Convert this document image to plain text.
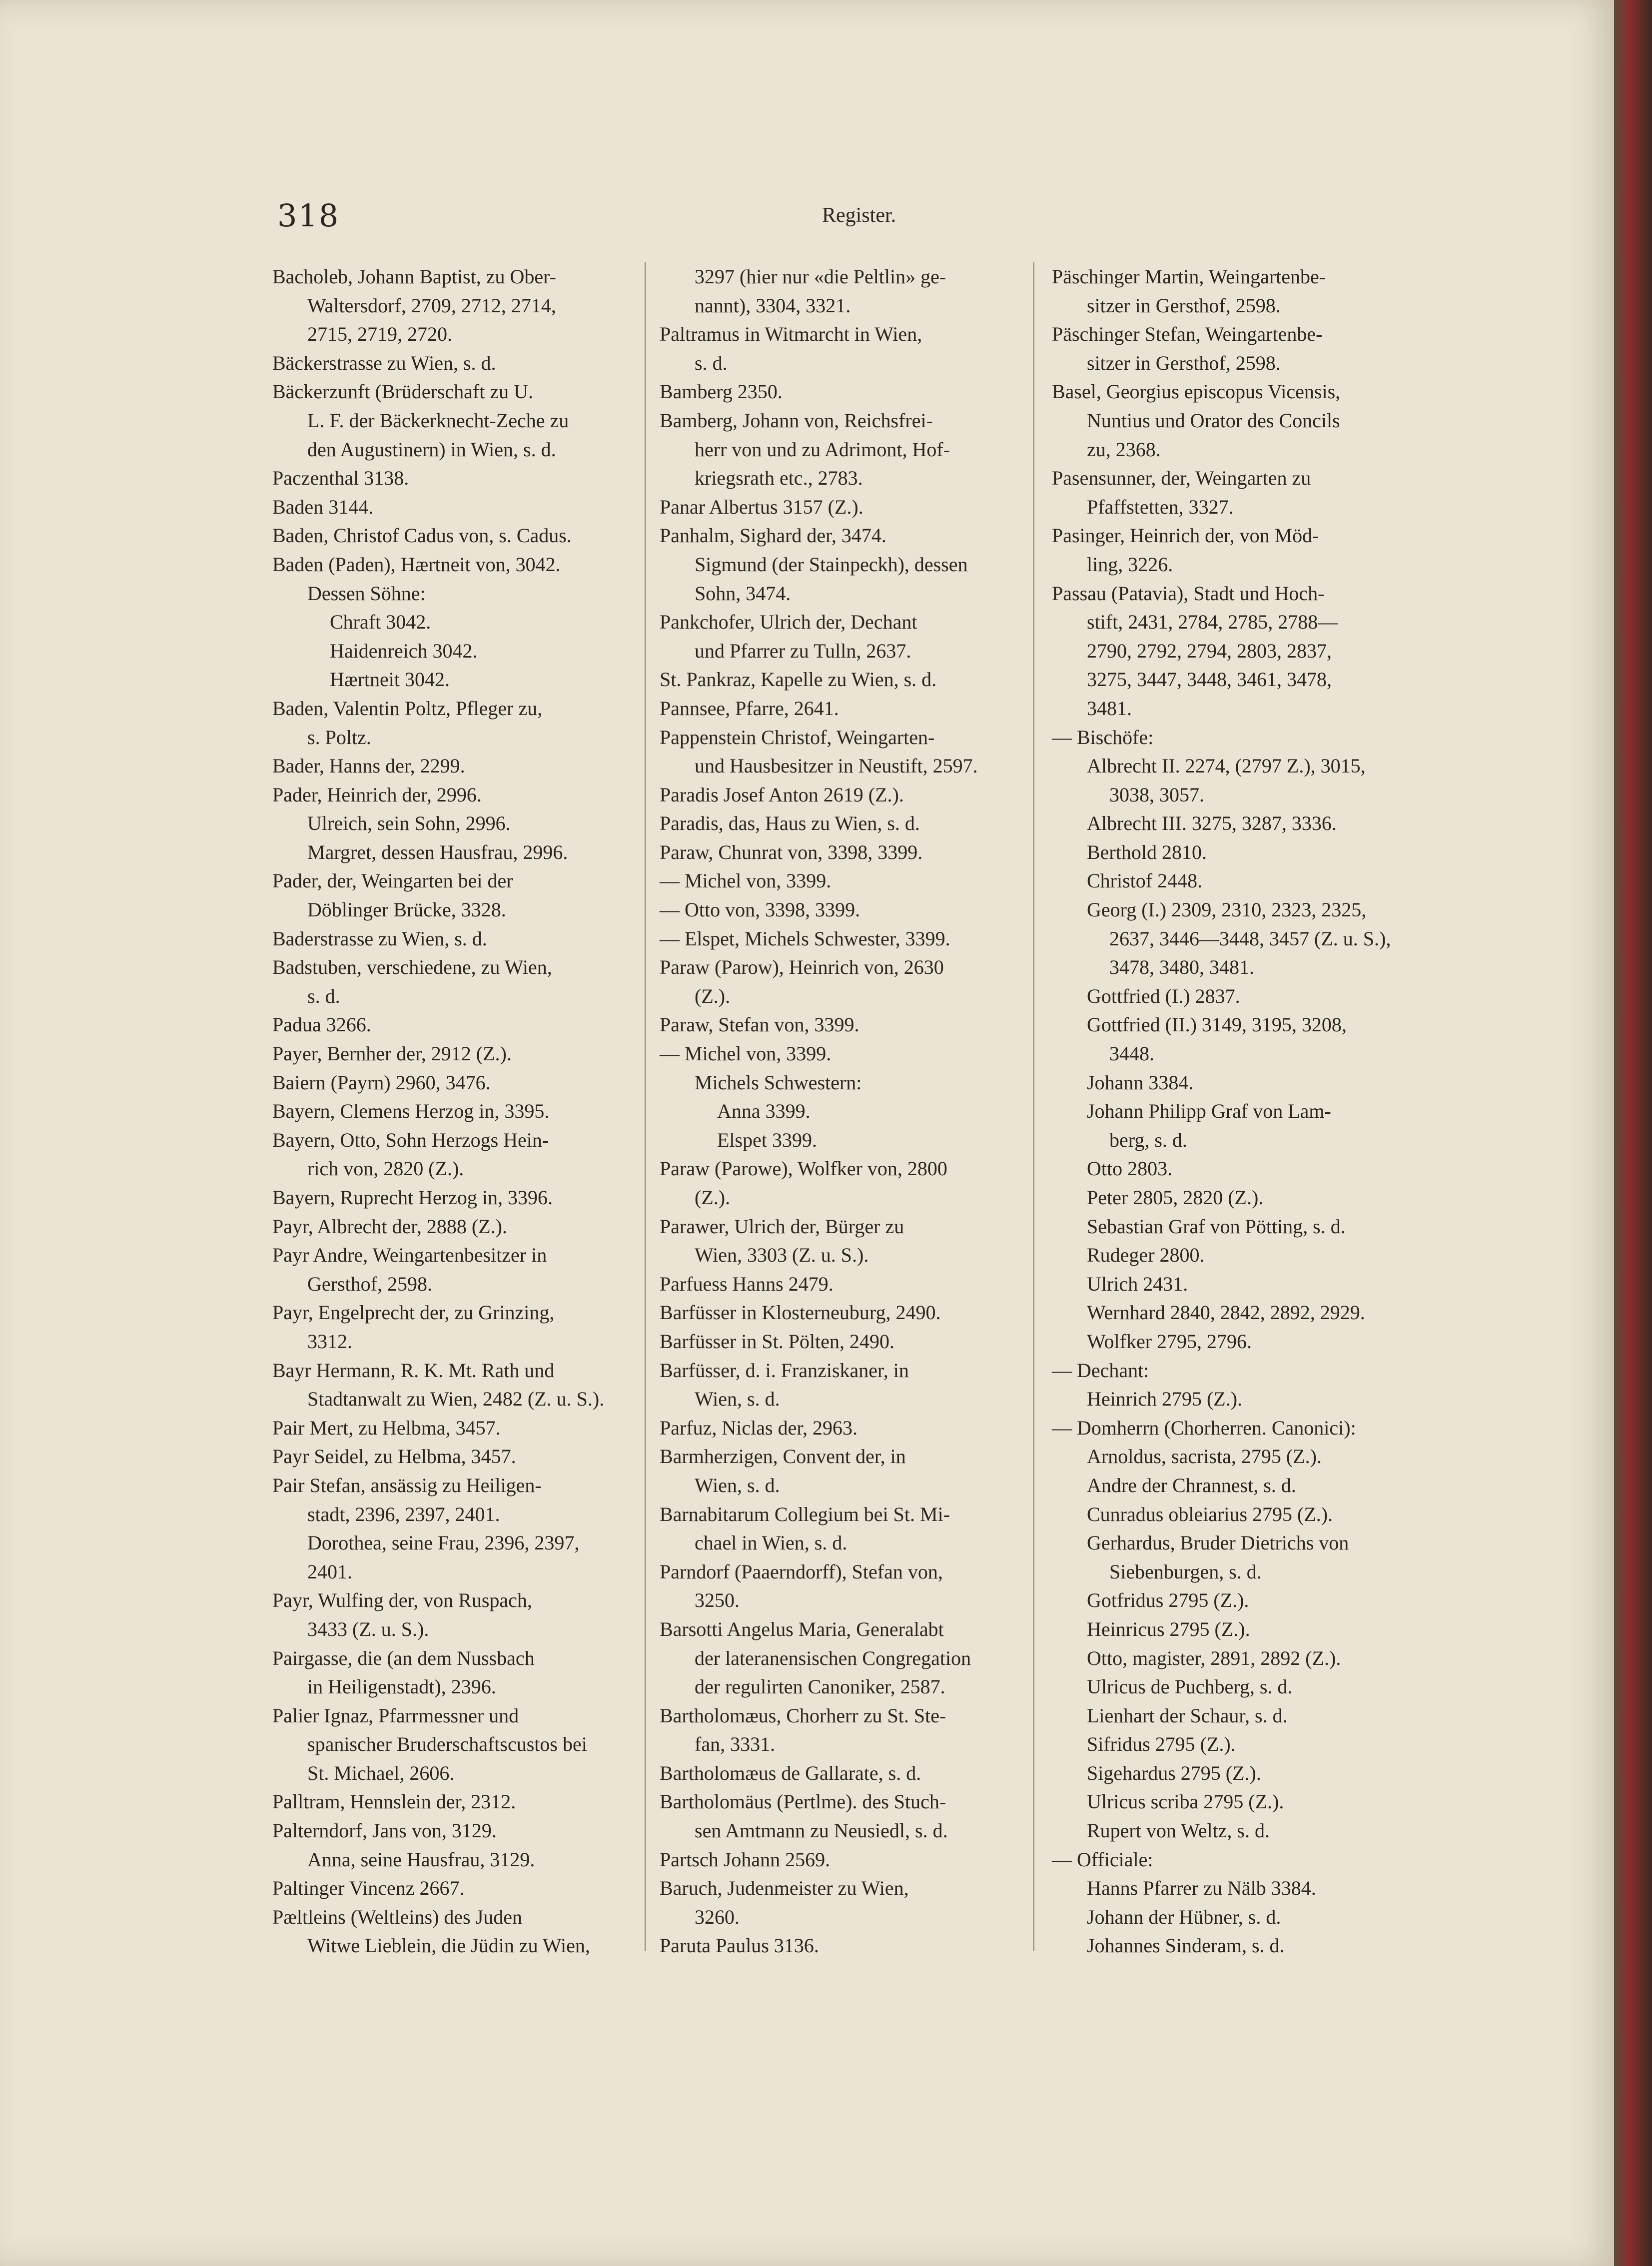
318	Register.
Bacholeb, Johann Baptist, zu Ober-
Waltersdorf, 2709, 2712, 2714,
2715, 2719, 2720.
Bäckerstrasse zu Wien, s. d.
Bäckerzunft (Brüderschaft zu U.
L. F. der Bäckerknecht-Zeche zu
den Augustinern) in Wien, s. d.
Paczenthal 3138.
Baden 3144.
Baden, Christof Cadus von, s. Cadus.
Baden (Paden), Hærtneit von, 3042.
Dessen Söhne:
Chraft 3042.
Haidenreich 3042.
Hærtneit 3042.
Baden, Valentin Poltz, Pfleger zu,
s. Poltz.
Bader, Hanns der, 2299.
Pader, Heinrich der, 2996.
Ulreich, sein Sohn, 2996.
Margret, dessen Hausfrau, 2996.
Pader, der, Weingarten bei der
Döblinger Brücke, 3328.
Baderstrasse zu Wien, s. d.
Badstuben, verschiedene, zu Wien,
s. d.
Padua 3266.
Payer, Bernher der, 2912 (Z.).
Baiern (Payrn) 2960, 3476.
Bayern, Clemens Herzog in, 3395.
Bayern, Otto, Sohn Herzogs Hein-
rich von, 2820 (Z.).
Bayern, Ruprecht Herzog in, 3396.
Payr, Albrecht der, 2888 (Z.).
Payr Andre, Weingartenbesitzer in
Gersthof, 2598.
Payr, Engelprecht der, zu Grinzing,
3312.
Bayr Hermann, R. K. Mt. Rath und
Stadtanwalt zu Wien, 2482 (Z. u. S.).
Pair Mert, zu Helbma, 3457.
Payr Seidel, zu Helbma, 3457.
Pair Stefan, ansässig zu Heiligen-
stadt, 2396, 2397, 2401.
Dorothea, seine Frau, 2396, 2397,
2401.
Payr, Wulfing der, von Ruspach,
3433 (Z. u. S.).
Pairgasse, die (an dem Nussbach
in Heiligenstadt), 2396.
Palier Ignaz, Pfarrmessner und
spanischer Bruderschaftscustos bei
St. Michael, 2606.
Palltram, Hennslein der, 2312.
Palterndorf, Jans von, 3129.
Anna, seine Hausfrau, 3129.
Paltinger Vincenz 2667.
Pæltleins (Weltleins) des Juden
Witwe Lieblein, die Jüdin zu Wien,
3297 (hier nur «die Peltlin» ge-
nannt), 3304, 3321.
Paltramus in Witmarcht in Wien,
s. d.
Bamberg 2350.
Bamberg, Johann von, Reichsfrei-
herr von und zu Adrimont, Hof-
kriegsrath etc., 2783.
Panar Albertus 3157 (Z.).
Panhalm, Sighard der, 3474.
Sigmund (der Stainpeckh), dessen
Sohn, 3474.
Pankchofer, Ulrich der, Dechant
und Pfarrer zu Tulln, 2637.
St. Pankraz, Kapelle zu Wien, s. d.
Pannsee, Pfarre, 2641.
Pappenstein Christof, Weingarten-
und Hausbesitzer in Neustift, 2597.
Paradis Josef Anton 2619 (Z.).
Paradis, das, Haus zu Wien, s. d.
Paraw, Chunrat von, 3398, 3399.
— Michel von, 3399.
— Otto von, 3398, 3399.
— Elspet, Michels Schwester, 3399.
Paraw (Parow), Heinrich von, 2630
(Z.).
Paraw, Stefan von, 3399.
— Michel von, 3399.
Michels Schwestern:
Anna 3399.
Elspet 3399.
Paraw (Parowe), Wolfker von, 2800
(Z.).
Parawer, Ulrich der, Bürger zu
Wien, 3303 (Z. u. S.).
Parfuess Hanns 2479.
Barfüsser in Klosterneuburg, 2490.
Barfüsser in St. Pölten, 2490.
Barfüsser, d. i. Franziskaner, in
Wien, s. d.
Parfuz, Niclas der, 2963.
Barmherzigen, Convent der, in
Wien, s. d.
Barnabitarum Collegium bei St. Mi-
chael in Wien, s. d.
Parndorf (Paaerndorff), Stefan von,
3250.
Barsotti Angelus Maria, Generalabt
der lateranensischen Congregation
der regulirten Canoniker, 2587.
Bartholomæus, Chorherr zu St. Ste-
fan, 3331.
Bartholomæus de Gallarate, s. d.
Bartholomäus (Pertlme). des Stuch-
sen Amtmann zu Neusiedl, s. d.
Partsch Johann 2569.
Baruch, Judenmeister zu Wien,
3260.
Paruta Paulus 3136.
Päschinger Martin, Weingartenbe-
sitzer in Gersthof, 2598.
Päschinger Stefan, Weingartenbe-
sitzer in Gersthof, 2598.
Basel, Georgius episcopus Vicensis,
Nuntius und Orator des Concils
zu, 2368.
Pasensunner, der, Weingarten zu
Pfaffstetten, 3327.
Pasinger, Heinrich der, von Möd-
ling, 3226.
Passau (Patavia), Stadt und Hoch-
stift, 2431, 2784, 2785, 2788—
2790, 2792, 2794, 2803, 2837,
3275, 3447, 3448, 3461, 3478,
3481.
— Bischöfe:
Albrecht II. 2274, (2797 Z.), 3015,
3038, 3057.
Albrecht III. 3275, 3287, 3336.
Berthold 2810.
Christof 2448.
Georg (I.) 2309, 2310, 2323, 2325,
2637, 3446—3448, 3457 (Z. u. S.),
3478, 3480, 3481.
Gottfried (I.) 2837.
Gottfried (II.) 3149, 3195, 3208,
3448.
Johann 3384.
Johann Philipp Graf von Lam-
berg, s. d.
Otto 2803.
Peter 2805, 2820 (Z.).
Sebastian Graf von Pötting, s. d.
Rudeger 2800.
Ulrich 2431.
Wernhard 2840, 2842, 2892, 2929.
Wolfker 2795, 2796.
— Dechant:
Heinrich 2795 (Z.).
— Domherrn (Chorherren. Canonici):
Arnoldus, sacrista, 2795 (Z.).
Andre der Chrannest, s. d.
Cunradus obleiarius 2795 (Z.).
Gerhardus, Bruder Dietrichs von
Siebenburgen, s. d.
Gotfridus 2795 (Z.).
Heinricus 2795 (Z.).
Otto, magister, 2891, 2892 (Z.).
Ulricus de Puchberg, s. d.
Lienhart der Schaur, s. d.
Sifridus 2795 (Z.).
Sigehardus 2795 (Z.).
Ulricus scriba 2795 (Z.).
Rupert von Weltz, s. d.
— Officiale:
Hanns Pfarrer zu Nälb 3384.
Johann der Hübner, s. d.
Johannes Sinderam, s. d.
